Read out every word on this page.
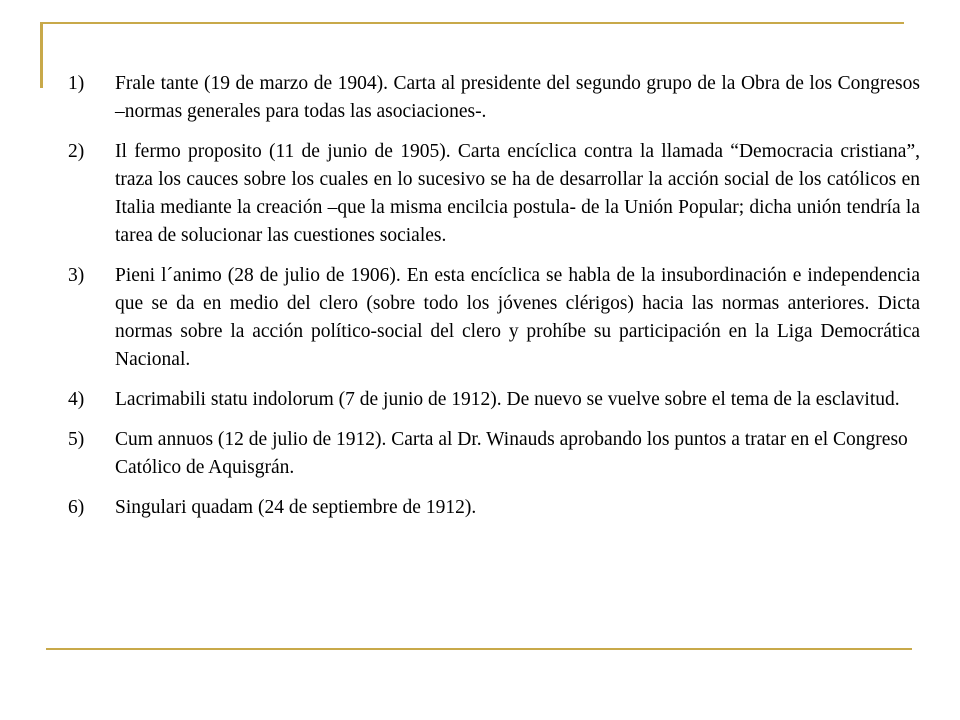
1)	Frale tante (19 de marzo de 1904). Carta al presidente del segundo grupo de la Obra de los Congresos –normas generales para todas las asociaciones-.
2)	Il fermo proposito (11 de junio de 1905). Carta encíclica contra la llamada “Democracia cristiana”, traza los cauces sobre los cuales en lo sucesivo se ha de desarrollar la acción social de los católicos en Italia mediante la creación –que la misma encilcia postula- de la Unión Popular; dicha unión tendría la tarea de solucionar las cuestiones sociales.
3)	Pieni l´animo (28 de julio de 1906). En esta encíclica se habla de la insubordinación e independencia que se da en medio del clero (sobre todo los jóvenes clérigos) hacia las normas anteriores. Dicta normas sobre la acción político-social del clero y prohíbe su participación en la Liga Democrática Nacional.
4)	Lacrimabili statu indolorum (7 de junio de 1912). De nuevo se vuelve sobre el tema de la esclavitud.
5)	Cum annuos (12 de julio de 1912). Carta al Dr. Winauds aprobando los puntos a tratar en el Congreso Católico de Aquisgrán.
6)	Singulari quadam (24 de septiembre de 1912).
